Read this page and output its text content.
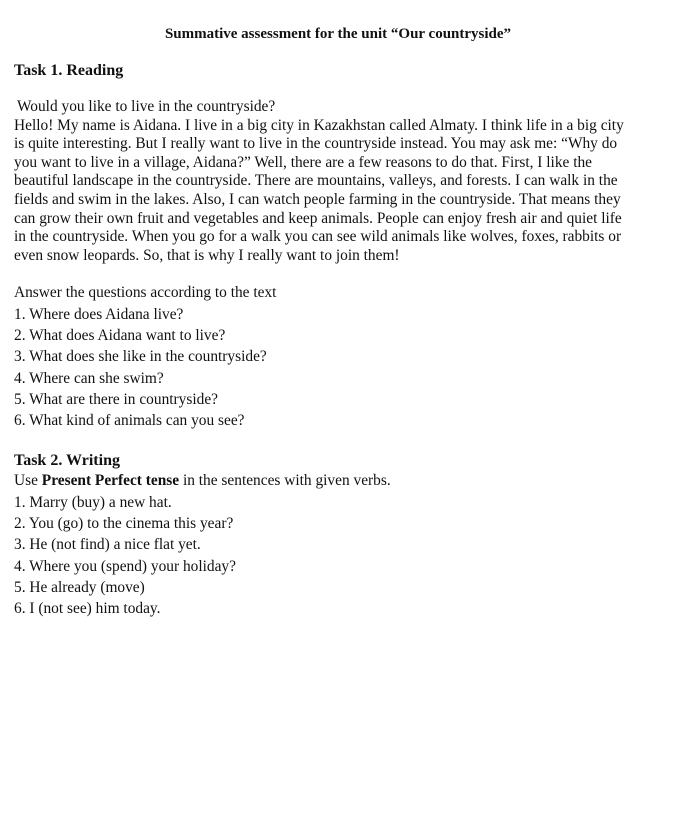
Summative assessment for the unit “Our countryside”
Task 1. Reading
Would you like to live in the countryside?

Hello! My name is Aidana. I live in a big city in Kazakhstan called Almaty. I think life in a big city is quite interesting. But I really want to live in the countryside instead. You may ask me: “Why do you want to live in a village, Aidana?” Well, there are a few reasons to do that. First, I like the beautiful landscape in the countryside. There are mountains, valleys, and forests. I can walk in the fields and swim in the lakes. Also, I can watch people farming in the countryside. That means they can grow their own fruit and vegetables and keep animals. People can enjoy fresh air and quiet life in the countryside. When you go for a walk you can see wild animals like wolves, foxes, rabbits or even snow leopards. So, that is why I really want to join them!

Answer the questions according to the text
1. Where does Aidana live?
2. What does Aidana want to live?
3. What does she like in the countryside?
4. Where can she swim?
5. What are there in countryside?
6. What kind of animals can you see?
Task 2. Writing
Use Present Perfect tense in the sentences with given verbs.
1. Marry (buy) a new hat.
2. You (go) to the cinema this year?
3. He (not find) a nice flat yet.
4. Where you (spend) your holiday?
5. He already (move)
6. I (not see) him today.
